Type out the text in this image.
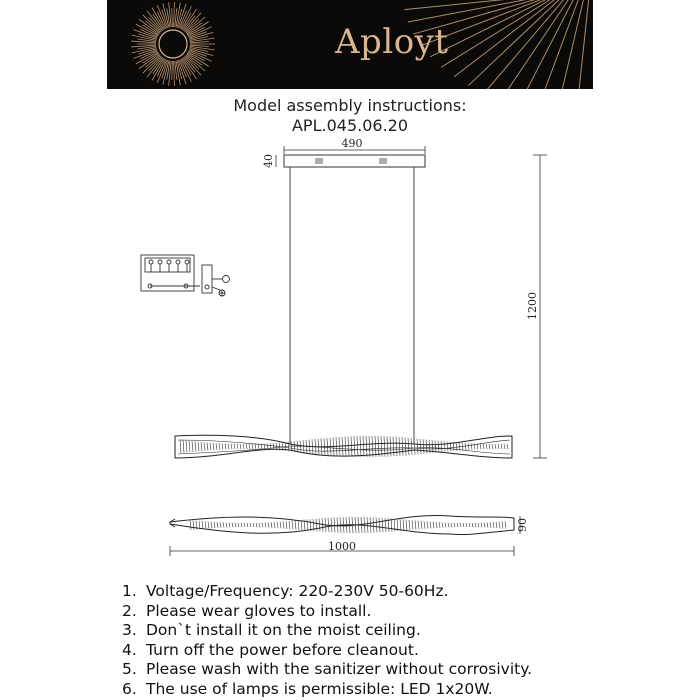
Aployt
Model assembly instructions:
APL.045.06.20
490
40
1200
90
1000
1. Voltage/Frequency: 220-230V 50-60Hz.
2. Please wear gloves to install.
3. Don`t install it on the moist ceiling.
4. Turn off the power before cleanout.
5. Please wash with the sanitizer without corrosivity.
6. The use of lamps is permissible: LED 1x20W.
